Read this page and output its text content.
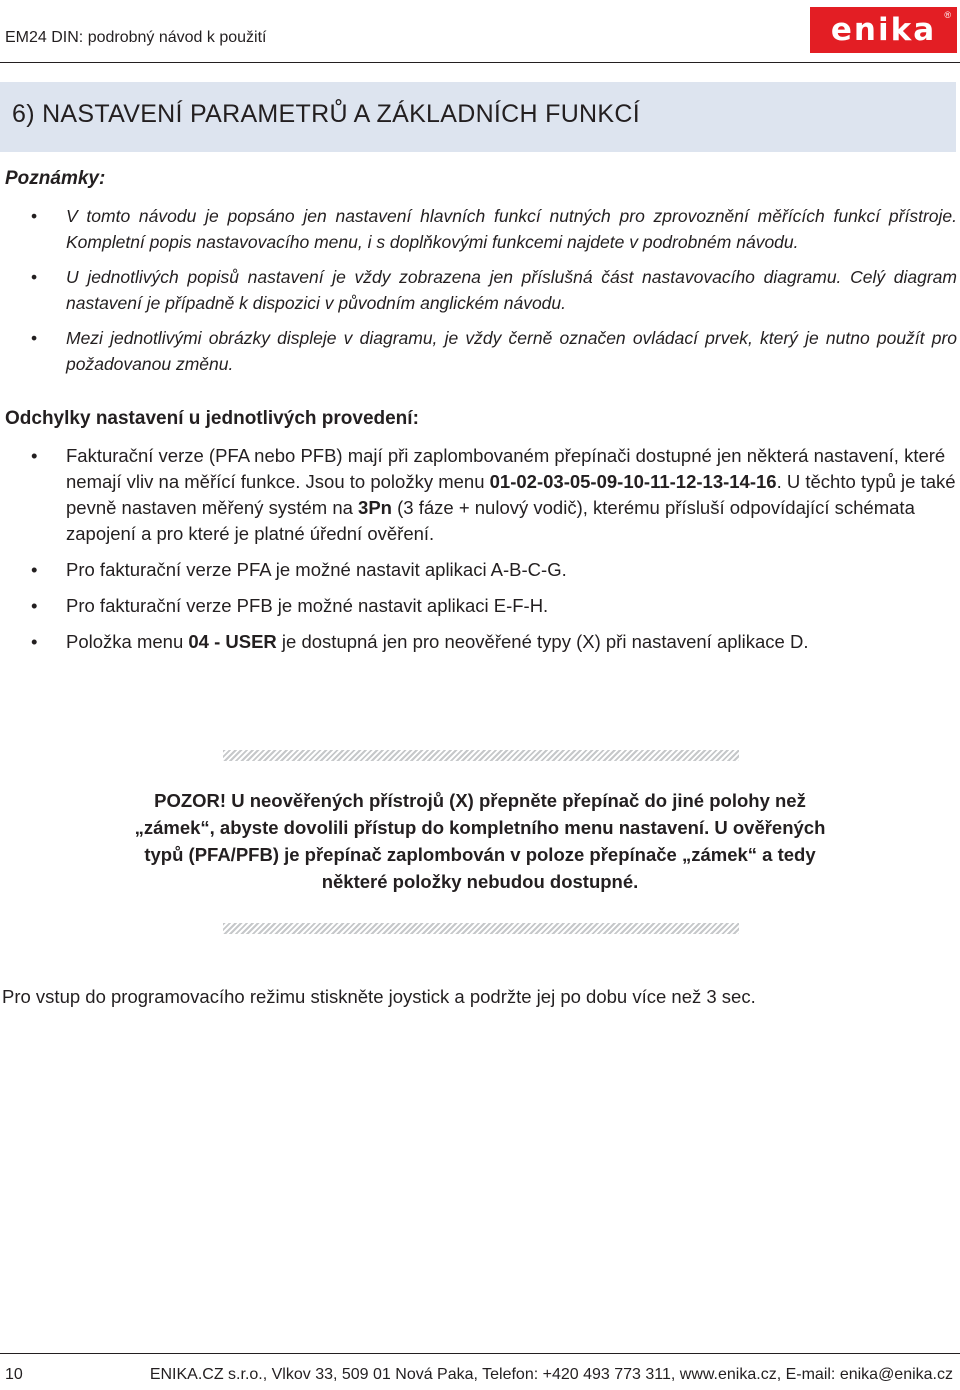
EM24 DIN: podrobný návod k použití	enika ®
6) NASTAVENÍ PARAMETRŮ A ZÁKLADNÍCH FUNKCÍ
Poznámky:
• V tomto návodu je popsáno jen nastavení hlavních funkcí nutných pro zprovoznění měřících funkcí přístroje. Kompletní popis nastavovacího menu, i s doplňkovými funkcemi najdete v podrobném návodu.
• U jednotlivých popisů nastavení je vždy zobrazena jen příslušná část nastavovacího diagramu. Celý diagram nastavení je případně k dispozici v původním anglickém návodu.
• Mezi jednotlivými obrázky displeje v diagramu, je vždy černě označen ovládací prvek, který je nutno použít pro požadovanou změnu.
Odchylky nastavení u jednotlivých provedení:
• Fakturační verze (PFA nebo PFB) mají při zaplombovaném přepínači dostupné jen některá nastavení, které nemají vliv na měřící funkce. Jsou to položky menu 01-02-03-05-09-10-11-12-13-14-16. U těchto typů je také pevně nastaven měřený systém na 3Pn (3 fáze + nulový vodič), kterému přísluší odpovídající schémata zapojení a pro které je platné úřední ověření.
• Pro fakturační verze PFA je možné nastavit aplikaci A-B-C-G.
• Pro fakturační verze PFB je možné nastavit aplikaci E-F-H.
• Položka menu 04 - USER je dostupná jen pro neověřené typy (X) při nastavení aplikace D.
POZOR! U neověřených přístrojů (X) přepněte přepínač do jiné polohy než
„zámek“, abyste dovolili přístup do kompletního menu nastavení. U ověřených
typů (PFA/PFB) je přepínač zaplombován v poloze přepínače „zámek“ a tedy
některé položky nebudou dostupné.
Pro vstup do programovacího režimu stiskněte joystick a podržte jej po dobu více než 3 sec.
10	ENIKA.CZ s.r.o., Vlkov 33, 509 01 Nová Paka, Telefon: +420 493 773 311, www.enika.cz, E-mail: enika@enika.cz
